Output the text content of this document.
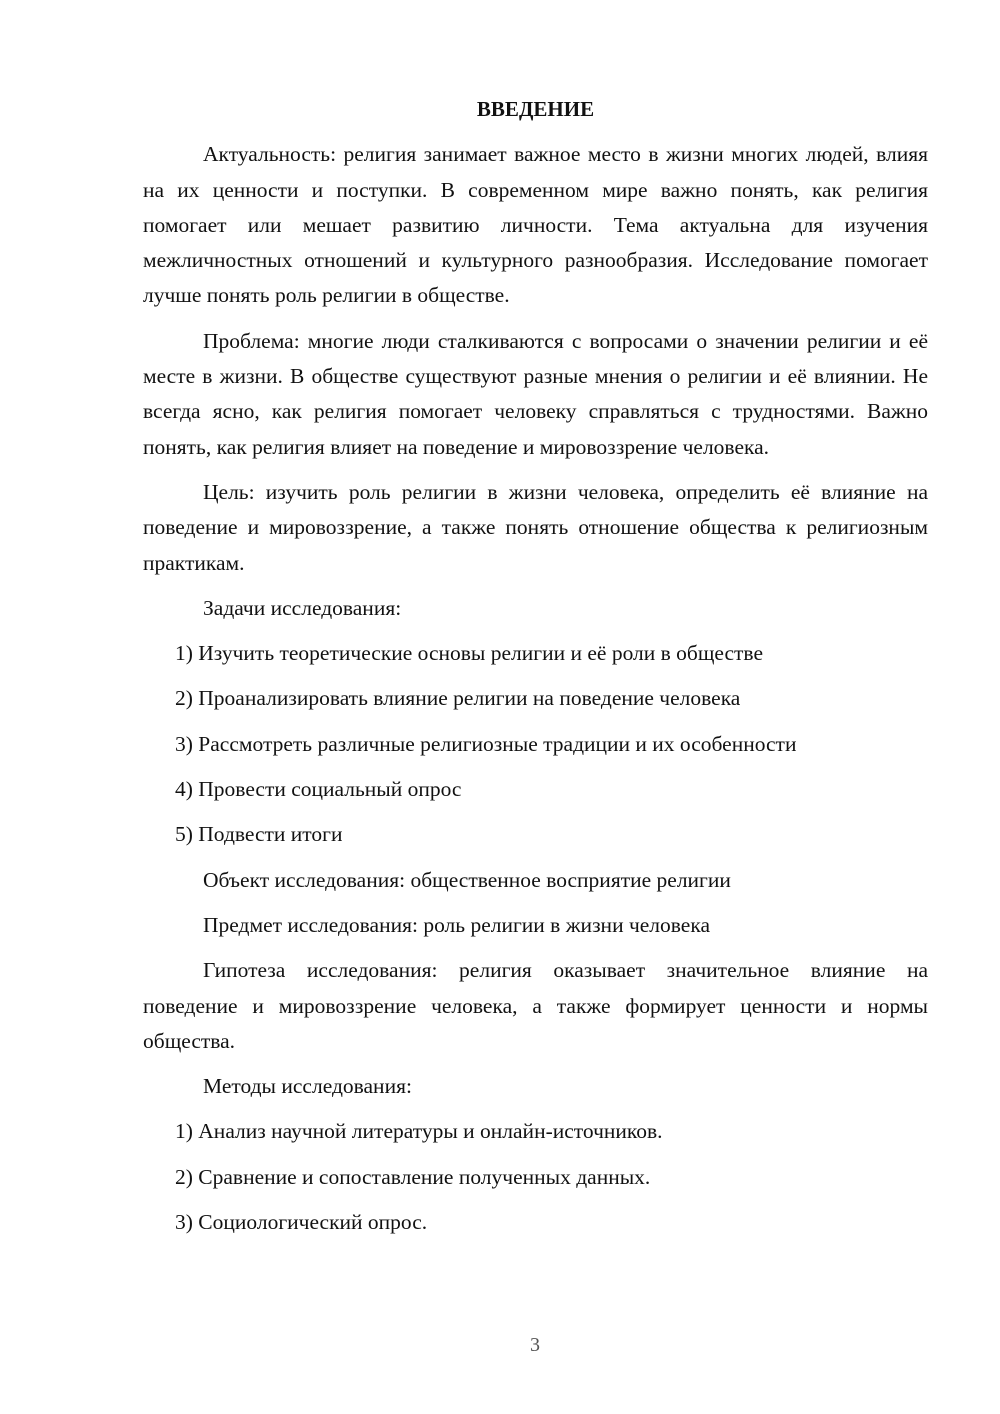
ВВЕДЕНИЕ
Актуальность: религия занимает важное место в жизни многих людей, влияя на их ценности и поступки. В современном мире важно понять, как религия помогает или мешает развитию личности. Тема актуальна для изучения межличностных отношений и культурного разнообразия. Исследование помогает лучше понять роль религии в обществе.
Проблема: многие люди сталкиваются с вопросами о значении религии и её месте в жизни. В обществе существуют разные мнения о религии и её влиянии. Не всегда ясно, как религия помогает человеку справляться с трудностями. Важно понять, как религия влияет на поведение и мировоззрение человека.
Цель: изучить роль религии в жизни человека, определить её влияние на поведение и мировоззрение, а также понять отношение общества к религиозным практикам.
Задачи исследования:
1) Изучить теоретические основы религии и её роли в обществе
2) Проанализировать влияние религии на поведение человека
3) Рассмотреть различные религиозные традиции и их особенности
4) Провести социальный опрос
5) Подвести итоги
Объект исследования: общественное восприятие религии
Предмет исследования: роль религии в жизни человека
Гипотеза исследования: религия оказывает значительное влияние на поведение и мировоззрение человека, а также формирует ценности и нормы общества.
Методы исследования:
1) Анализ научной литературы и онлайн-источников.
2) Сравнение и сопоставление полученных данных.
3) Социологический опрос.
3
